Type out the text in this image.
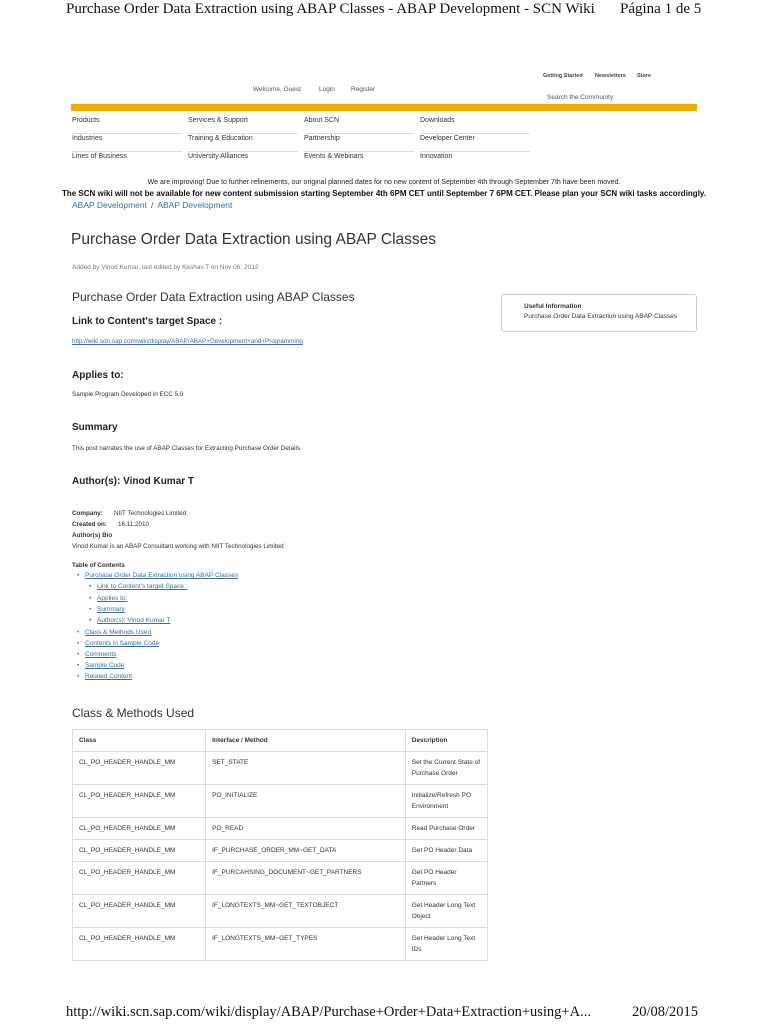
Purchase Order Data Extraction using ABAP Classes - ABAP Development - SCN Wiki Página 1 de 5
Getting Started Newsletters Store
Welcome, Guest	Login Register
Search the Community
Products	Services & Support	About SCN	Downloads
Industries	Training & Education	Partnership	Developer Center
Lines of Business	University Alliances	Events & Webinars	Innovation
We are improving! Due to further refinements, our original planned dates for no new content of September 4th through September 7th have been moved.
The SCN wiki will not be available for new content submission starting September 4th 6PM CET until September 7 6PM CET. Please plan your SCN wiki tasks accordingly.
ABAP Development / ABAP Development
Purchase Order Data Extraction using ABAP Classes
Added by Vinod Kumar, last edited by Keshav.T on Nov 06, 2012
Purchase Order Data Extraction using ABAP Classes
Useful Information
Purchase Order Data Extraction using ABAP Classes
Link to Content's target Space :
http://wiki.sdn.sap.com/wiki/display/ABAP/ABAP+Development+and+Programming
Applies to:
Sample Program Developed in ECC 5.0
Summary
This post narrates the use of ABAP Classes for Extracting Purchase Order Details.
Author(s): Vinod Kumar T
Company: NIIT Technologies Limited
Created on: 16.11.2010
Author(s) Bio
Vinod Kumar is an ABAP Consultant working with NIIT Technologies Limited
Table of Contents
• Purchase Order Data Extraction using ABAP Classes
• Link to Content's target Space :
• Applies to:
• Summary
• Author(s): Vinod Kumar T
• Class & Methods Used
• Contents in Sample Code
• Comments
• Sample Code
• Related Content
Class & Methods Used
Class	Interface / Method	Description
CL_PO_HEADER_HANDLE_MM	SET_STATE	Set the Current State of Purchase Order
CL_PO_HEADER_HANDLE_MM	PO_INITIALIZE	Initialize/Refresh PO Environment
CL_PO_HEADER_HANDLE_MM	PO_READ	Read Purchase Order
CL_PO_HEADER_HANDLE_MM	IF_PURCHASE_ORDER_MM~GET_DATA	Get PO Header Data
CL_PO_HEADER_HANDLE_MM	IF_PURCAHSING_DOCUMENT~GET_PARTNERS	Get PO Header Partners
CL_PO_HEADER_HANDLE_MM	IF_LONGTEXTS_MM~GET_TEXTOBJECT	Get Header Long Text Object
CL_PO_HEADER_HANDLE_MM	IF_LONGTEXTS_MM~GET_TYPES	Get Header Long Text IDs
http://wiki.scn.sap.com/wiki/display/ABAP/Purchase+Order+Data+Extraction+using+A...	20/08/2015
